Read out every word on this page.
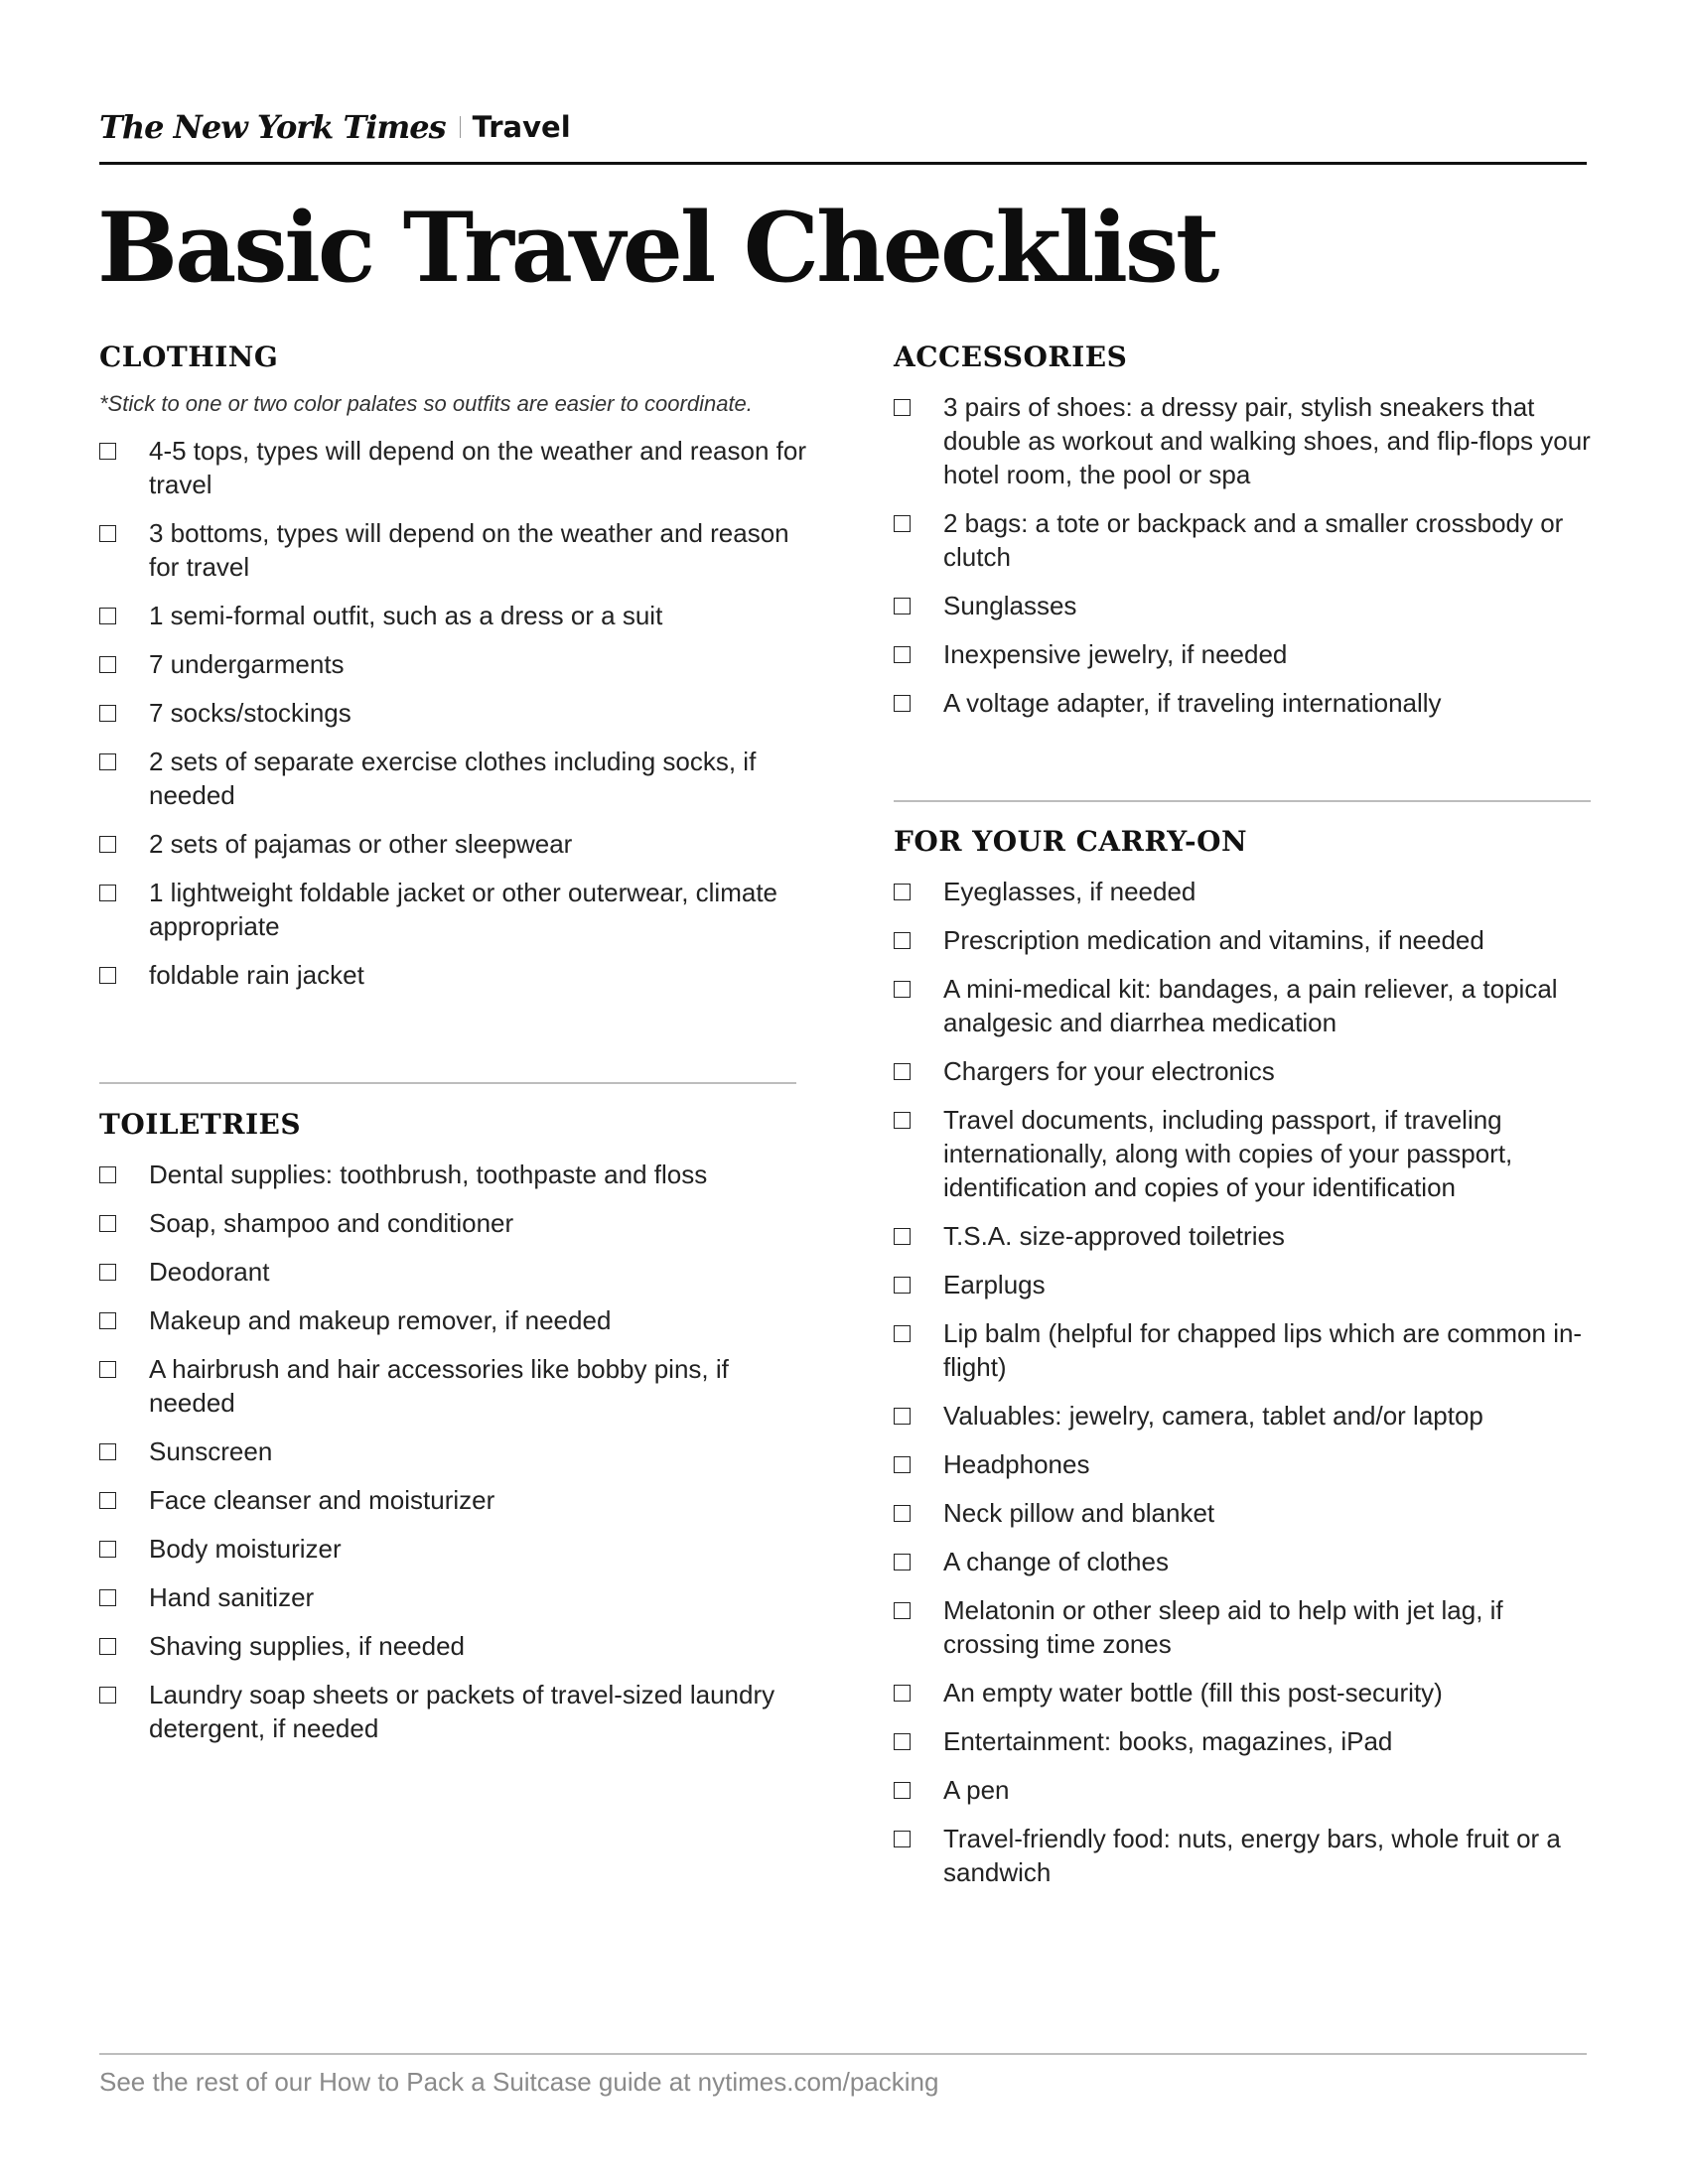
The New York Times Travel
Basic Travel Checklist
CLOTHING
*Stick to one or two color palates so outfits are easier to coordinate.
4-5 tops, types will depend on the weather and reason for travel
3 bottoms, types will depend on the weather and reason for travel
1 semi-formal outfit, such as a dress or a suit
7 undergarments
7 socks/stockings
2 sets of separate exercise clothes including socks, if needed
2 sets of pajamas or other sleepwear
1 lightweight foldable jacket or other outerwear, climate appropriate
foldable rain jacket
TOILETRIES
Dental supplies: toothbrush, toothpaste and floss
Soap, shampoo and conditioner
Deodorant
Makeup and makeup remover, if needed
A hairbrush and hair accessories like bobby pins, if needed
Sunscreen
Face cleanser and moisturizer
Body moisturizer
Hand sanitizer
Shaving supplies, if needed
Laundry soap sheets or packets of travel-sized laundry detergent, if needed
ACCESSORIES
3 pairs of shoes: a dressy pair, stylish sneakers that double as workout and walking shoes, and flip-flops your hotel room, the pool or spa
2 bags: a tote or backpack and a smaller crossbody or clutch
Sunglasses
Inexpensive jewelry, if needed
A voltage adapter, if traveling internationally
FOR YOUR CARRY-ON
Eyeglasses, if needed
Prescription medication and vitamins, if needed
A mini-medical kit: bandages, a pain reliever, a topical analgesic and diarrhea medication
Chargers for your electronics
Travel documents, including passport, if traveling internationally, along with copies of your passport, identification and copies of your identification
T.S.A. size-approved toiletries
Earplugs
Lip balm (helpful for chapped lips which are common in-flight)
Valuables: jewelry, camera, tablet and/or laptop
Headphones
Neck pillow and blanket
A change of clothes
Melatonin or other sleep aid to help with jet lag, if crossing time zones
An empty water bottle (fill this post-security)
Entertainment: books, magazines, iPad
A pen
Travel-friendly food: nuts, energy bars, whole fruit or a sandwich
See the rest of our How to Pack a Suitcase guide at nytimes.com/packing
